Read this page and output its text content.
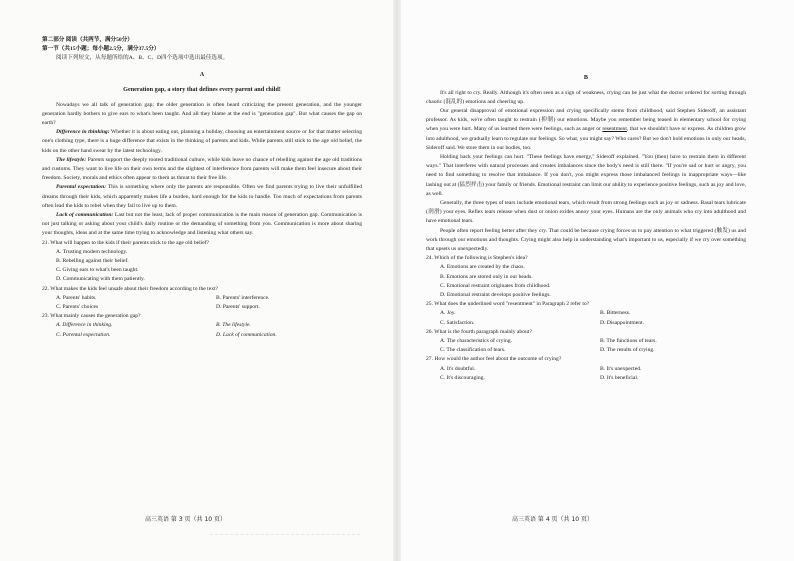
第二部分 阅读（共两节，满分50分）

第一节（共15小题；每小题2.5分，满分37.5分）

阅读下列短文，从每题所给的A、B、C、D四个选项中选出最佳选项。

A

Generation gap, a story that defines every parent and child!

Nowadays we all talk of generation gap; the older generation is often heard criticizing the present generation, and the younger generation hardly bothers to give ears to what's been taught. And all they blame at the end is "generation gap". But what causes the gap on earth?

Difference in thinking: Whether it is about eating out, planning a holiday, choosing an entertainment source or for that matter selecting one's clothing type, there is a huge difference that exists in the thinking of parents and kids. While parents still stick to the age old belief, the kids on the other hand swear by the latest technology.

The lifestyle: Parents support the deeply rooted traditional culture, while kids leave no chance of rebelling against the age old traditions and customs. They want to live life on their own terms and the slightest of interference from parents will make them feel insecure about their freedom. Society, morals and ethics often appear to them as threat to their free life.

Parental expectation: This is something where only the parents are responsible. Often we find parents trying to live their unfulfilled dreams through their kids, which apparently makes life a burden, hard enough for the kids to handle. Too much of expectations from parents often lead the kids to rebel when they fail to live up to them.

Lack of communication: Last but not the least, lack of proper communication is the main reason of generation gap. Communication is not just talking or asking about your child's daily routine or the demanding of something from you. Communication is more about sharing your thoughts, ideas and at the same time trying to acknowledge and listening what others say.

21. What will happen to the kids if their parents stick to the age old belief?

A. Trusting modern technology.

B. Rebelling against their belief.

C. Giving ears to what's been taught.

D. Communicating with them patiently.

22. What makes the kids feel unsafe about their freedom according to the text?

A. Parents' habits.	B. Parents' interference.

C. Parents' choices	D. Parents' support.

23. What mainly causes the generation gap?

A. Difference in thinking.	B. The lifestyle.

C. Parental expectation.	D. Lack of communication.

高三英语 第 3 页（共 10 页）

B

It's all right to cry. Really. Although it's often seen as a sign of weakness, crying can be just what the doctor ordered for sorting through chaotic (混乱的) emotions and cheering up.

Our general disapproval of emotional expression and crying specifically stems from childhood, said Stephen Sideroff, an assistant professor. As kids, we're often taught to restrain (抑制) our emotions. Maybe you remember being teased in elementary school for crying when you were hurt. Many of us learned there were feelings, such as anger or resentment, that we shouldn't have or express. As children grow into adulthood, we gradually learn to regulate our feelings. So what, you might say? Who cares? But we don't hold emotions in only our heads, Sideroff said. We store them in our bodies, too.

Holding back your feelings can hurt. "These feelings have energy," Sideroff explained. "You (then) have to restrain them in different ways." That interferes with natural processes and creates imbalances since the body's need is still there. "If you're sad or hurt or angry, you need to find something to resolve that imbalance. If you don't, you might express those imbalanced feelings in inappropriate ways—like lashing out at (猛烈抨击) your family or friends. Emotional restraint can limit our ability to experience positive feelings, such as joy and love, as well.

Generally, the three types of tears include emotional tears, which result from strong feelings such as joy or sadness. Basal tears lubricate (润滑) your eyes. Reflex tears release when dust or onion exides annoy your eyes. Humans are the only animals who cry into adulthood and have emotional tears.

People often report feeling better after they cry. That could be because crying forces us to pay attention to what triggered (触发) us and work through our emotions and thoughts. Crying might also help in understanding what's important to us, especially if we cry over something that upsets us unexpectedly.

24. Which of the following is Stephen's idea?

A. Emotions are created by the chaos.

B. Emotions are stored only in our heads.

C. Emotional restraint originates from childhood.

D. Emotional restraint develops positive feelings.

25. What does the underlined word "resentment" in Paragraph 2 refer to?

A. Joy.	B. Bitterness.

C. Satisfaction.	D. Disappointment.

26. What is the fourth paragraph mainly about?

A. The characteristics of crying.	B. The functions of tears.

C. The classification of tears.	D. The results of crying.

27. How would the author feel about the outcome of crying?

A. It's doubtful.	B. It's unexpected.

C. It's discouraging.	D. It's beneficial.

高三英语 第 4 页（共 10 页）
